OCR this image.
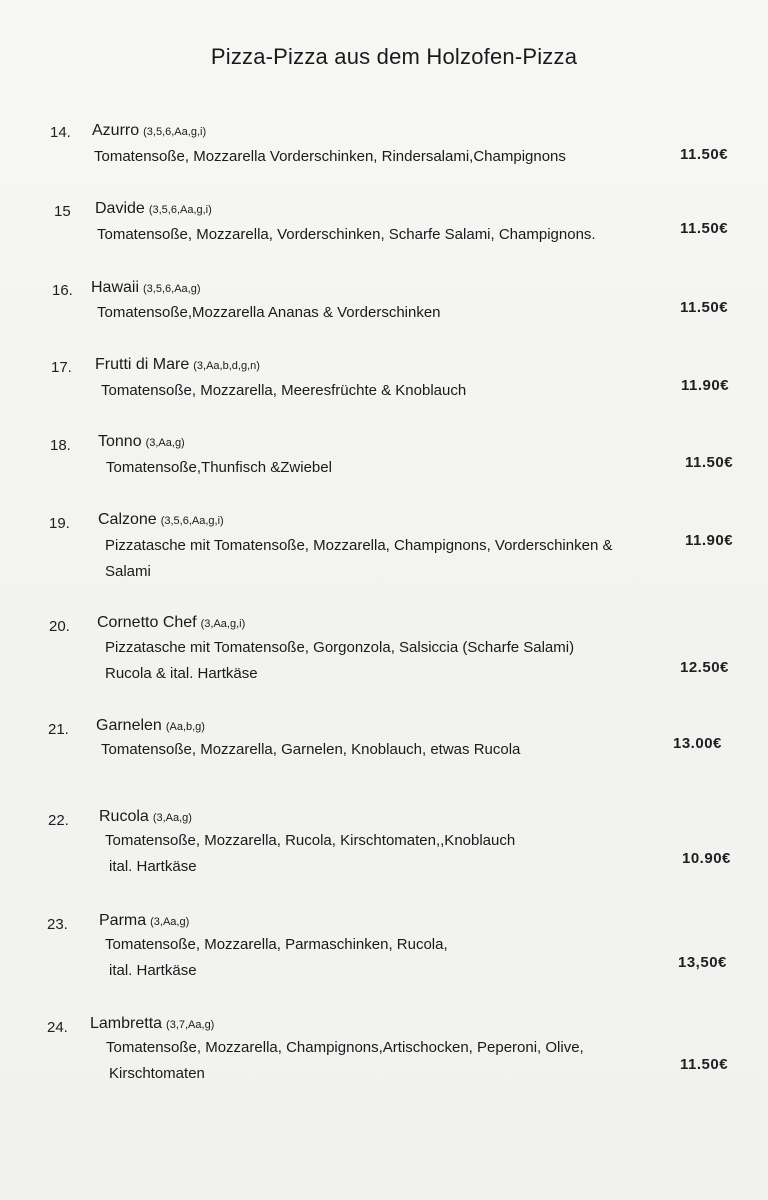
Pizza-Pizza aus dem Holzofen-Pizza
14. Azurro (3,5,6,Aa,g,i)
Tomatensoße, Mozzarella Vorderschinken, Rindersalami,Champignons	11.50€
15 Davide (3,5,6,Aa,g,i)
Tomatensoße, Mozzarella, Vorderschinken, Scharfe Salami, Champignons.	11.50€
16. Hawaii (3,5,6,Aa,g)
Tomatensoße,Mozzarella Ananas & Vorderschinken	11.50€
17. Frutti di Mare (3,Aa,b,d,g,n)
Tomatensoße, Mozzarella, Meeresfrüchte & Knoblauch	11.90€
18. Tonno (3,Aa,g)
Tomatensoße,Thunfisch &Zwiebel	11.50€
19. Calzone (3,5,6,Aa,g,i)
Pizzatasche mit Tomatensoße, Mozzarella, Champignons, Vorderschinken &
Salami
11.90€
20. Cornetto Chef (3,Aa,g,i)
Pizzatasche mit Tomatensoße, Gorgonzola, Salsiccia (Scharfe Salami)
Rucola & ital. Hartkäse	12.50€
21. Garnelen (Aa,b,g)
Tomatensoße, Mozzarella, Garnelen, Knoblauch, etwas Rucola	13.00€
22. Rucola (3,Aa,g)
Tomatensoße, Mozzarella, Rucola, Kirschtomaten,,Knoblauch
ital. Hartkäse	10.90€
23. Parma (3,Aa,g)
Tomatensoße, Mozzarella, Parmaschinken, Rucola,
ital. Hartkäse	13,50€
24. Lambretta (3,7,Aa,g)
Tomatensoße, Mozzarella, Champignons,Artischocken, Peperoni, Olive,
Kirschtomaten
11.50€
